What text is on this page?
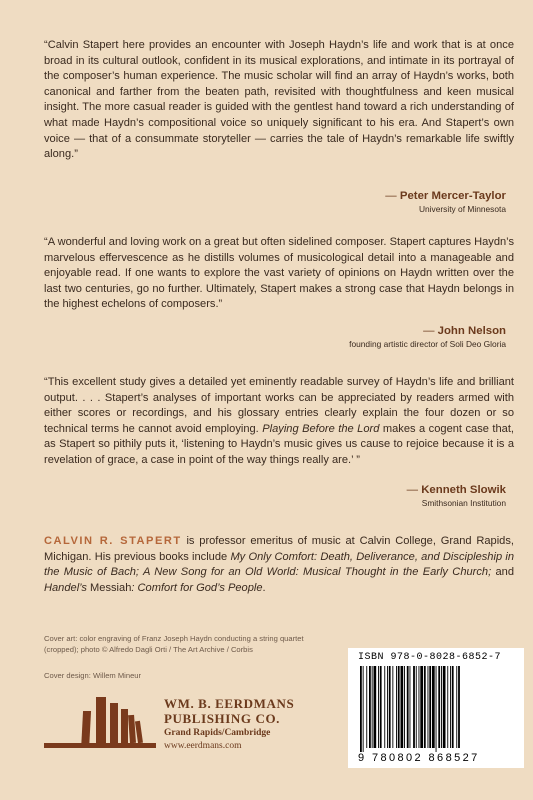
“Calvin Stapert here provides an encounter with Joseph Haydn’s life and work that is at once broad in its cultural outlook, confident in its musical explorations, and intimate in its portrayal of the composer’s human experience. The music scholar will find an array of Haydn’s works, both canonical and farther from the beaten path, revisited with thoughtfulness and keen musical insight. The more casual reader is guided with the gentlest hand toward a rich understanding of what made Haydn’s compositional voice so uniquely significant to his era. And Stapert’s own voice — that of a consummate storyteller — carries the tale of Haydn’s remarkable life swiftly along.”

— Peter Mercer-Taylor
University of Minnesota

“A wonderful and loving work on a great but often sidelined composer. Stapert captures Haydn’s marvelous effervescence as he distills volumes of musicological detail into a manageable and enjoyable read. If one wants to explore the vast variety of opinions on Haydn written over the last two centuries, go no further. Ultimately, Stapert makes a strong case that Haydn belongs in the highest echelons of composers.”

— John Nelson
founding artistic director of Soli Deo Gloria

“This excellent study gives a detailed yet eminently readable survey of Haydn’s life and brilliant output. . . . Stapert’s analyses of important works can be appreciated by readers armed with either scores or recordings, and his glossary entries clearly explain the four dozen or so technical terms he cannot avoid employing. Playing Before the Lord makes a cogent case that, as Stapert so pithily puts it, ‘listening to Haydn’s music gives us cause to rejoice because it is a revelation of grace, a case in point of the way things really are.’ ”

— Kenneth Slowik
Smithsonian Institution
CALVIN R. STAPERT is professor emeritus of music at Calvin College, Grand Rapids, Michigan. His previous books include My Only Comfort: Death, Deliverance, and Discipleship in the Music of Bach; A New Song for an Old World: Musical Thought in the Early Church; and Handel’s Messiah: Comfort for God’s People.
Cover art: color engraving of Franz Joseph Haydn conducting a string quartet (cropped); photo © Alfredo Dagli Orti / The Art Archive / Corbis
Cover design: Willem Mineur
WM. B. EERDMANS
PUBLISHING CO.
Grand Rapids/Cambridge
www.eerdmans.com
ISBN 978-0-8028-6852-7
9 780802 868527
